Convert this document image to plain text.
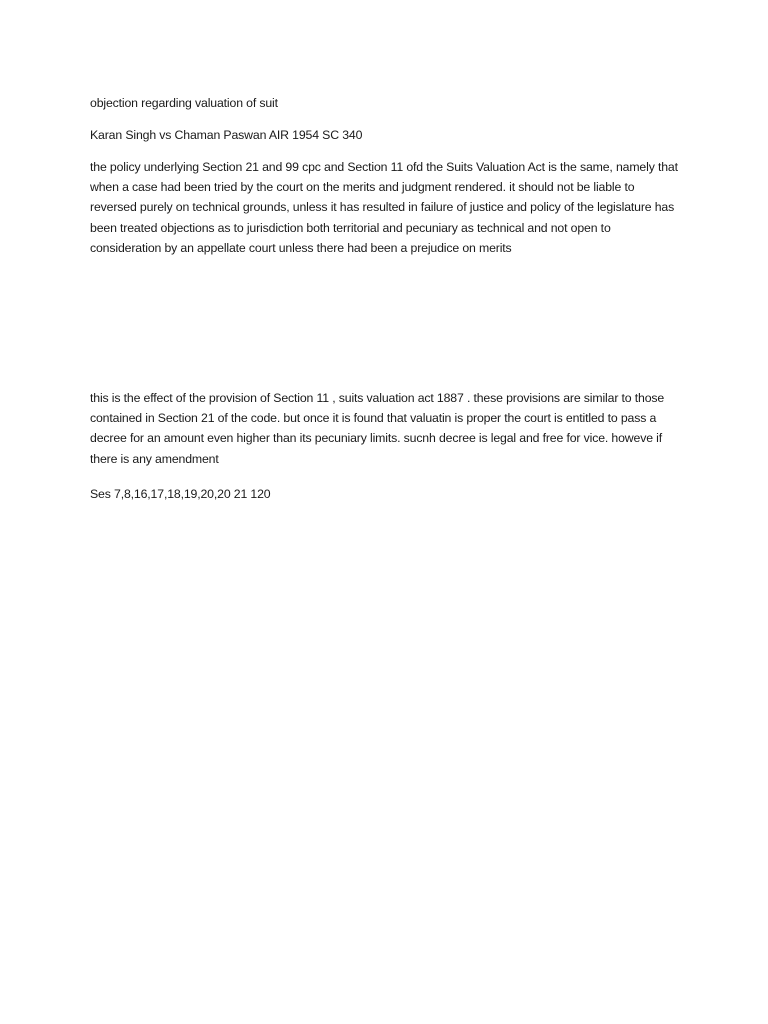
objection regarding valuation of suit

Karan Singh vs Chaman Paswan AIR 1954 SC 340

the policy underlying Section 21 and 99 cpc and Section 11 ofd the Suits Valuation Act is the same, namely that when a case had been tried by the court on the merits and judgment rendered. it should not be liable to reversed purely on technical grounds, unless it has resulted in failure of justice and policy of the legislature has been treated objections as to jurisdiction both territorial and pecuniary as technical and not open to consideration by an appellate court unless there had been a prejudice on merits

this is the effect of the provision of Section 11 , suits valuation act 1887 . these provisions are similar to those contained in Section 21 of the code. but once it is found that valuatin is proper the court is entitled to pass a decree for an amount even higher than its pecuniary limits. sucnh decree is legal and free for vice. howeve if there is any amendment

Ses 7,8,16,17,18,19,20,20 21 120
